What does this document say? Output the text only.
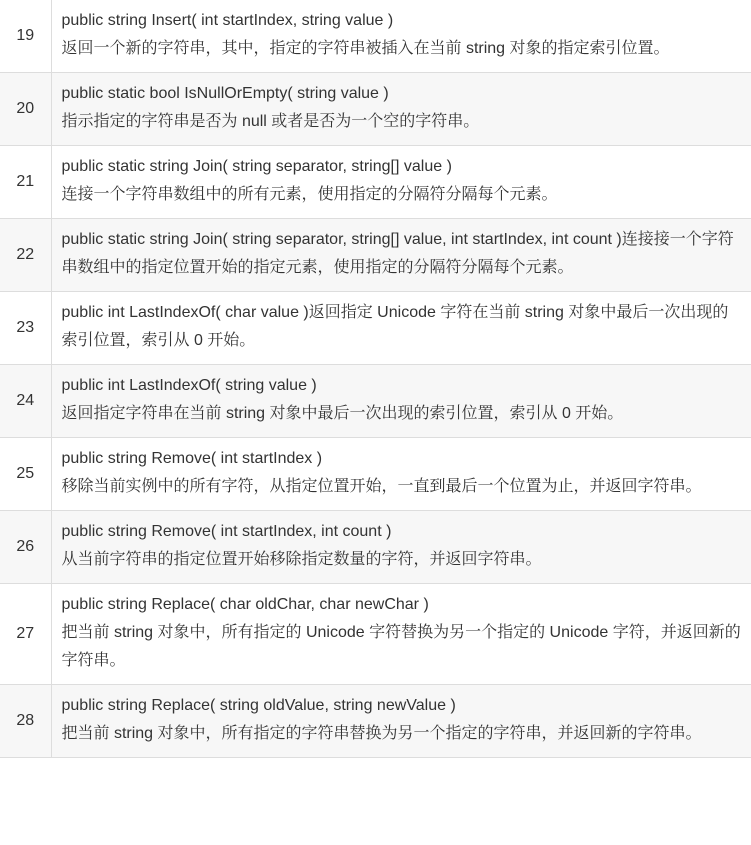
19	public string Insert( int startIndex, string value )
返回一个新的字符串，其中，指定的字符串被插入在当前 string 对象的指定索引位置。

20	public static bool IsNullOrEmpty( string value )
指示指定的字符串是否为 null 或者是否为一个空的字符串。

21	public static string Join( string separator, string[] value )
连接一个字符串数组中的所有元素，使用指定的分隔符分隔每个元素。

22	public static string Join( string separator, string[] value, int startIndex, int count )连接接一个字符串数组中的指定位置开始的指定元素，使用指定的分隔符分隔每个元素。

23	public int LastIndexOf( char value )返回指定 Unicode 字符在当前 string 对象中最后一次出现的索引位置，索引从 0 开始。

24	public int LastIndexOf( string value )
返回指定字符串在当前 string 对象中最后一次出现的索引位置，索引从 0 开始。

25	public string Remove( int startIndex )
移除当前实例中的所有字符，从指定位置开始，一直到最后一个位置为止，并返回字符串。

26	public string Remove( int startIndex, int count )
从当前字符串的指定位置开始移除指定数量的字符，并返回字符串。

27	public string Replace( char oldChar, char newChar )
把当前 string 对象中，所有指定的 Unicode 字符替换为另一个指定的 Unicode 字符，并返回新的字符串。

28	public string Replace( string oldValue, string newValue )
把当前 string 对象中，所有指定的字符串替换为另一个指定的字符串，并返回新的字符串。
